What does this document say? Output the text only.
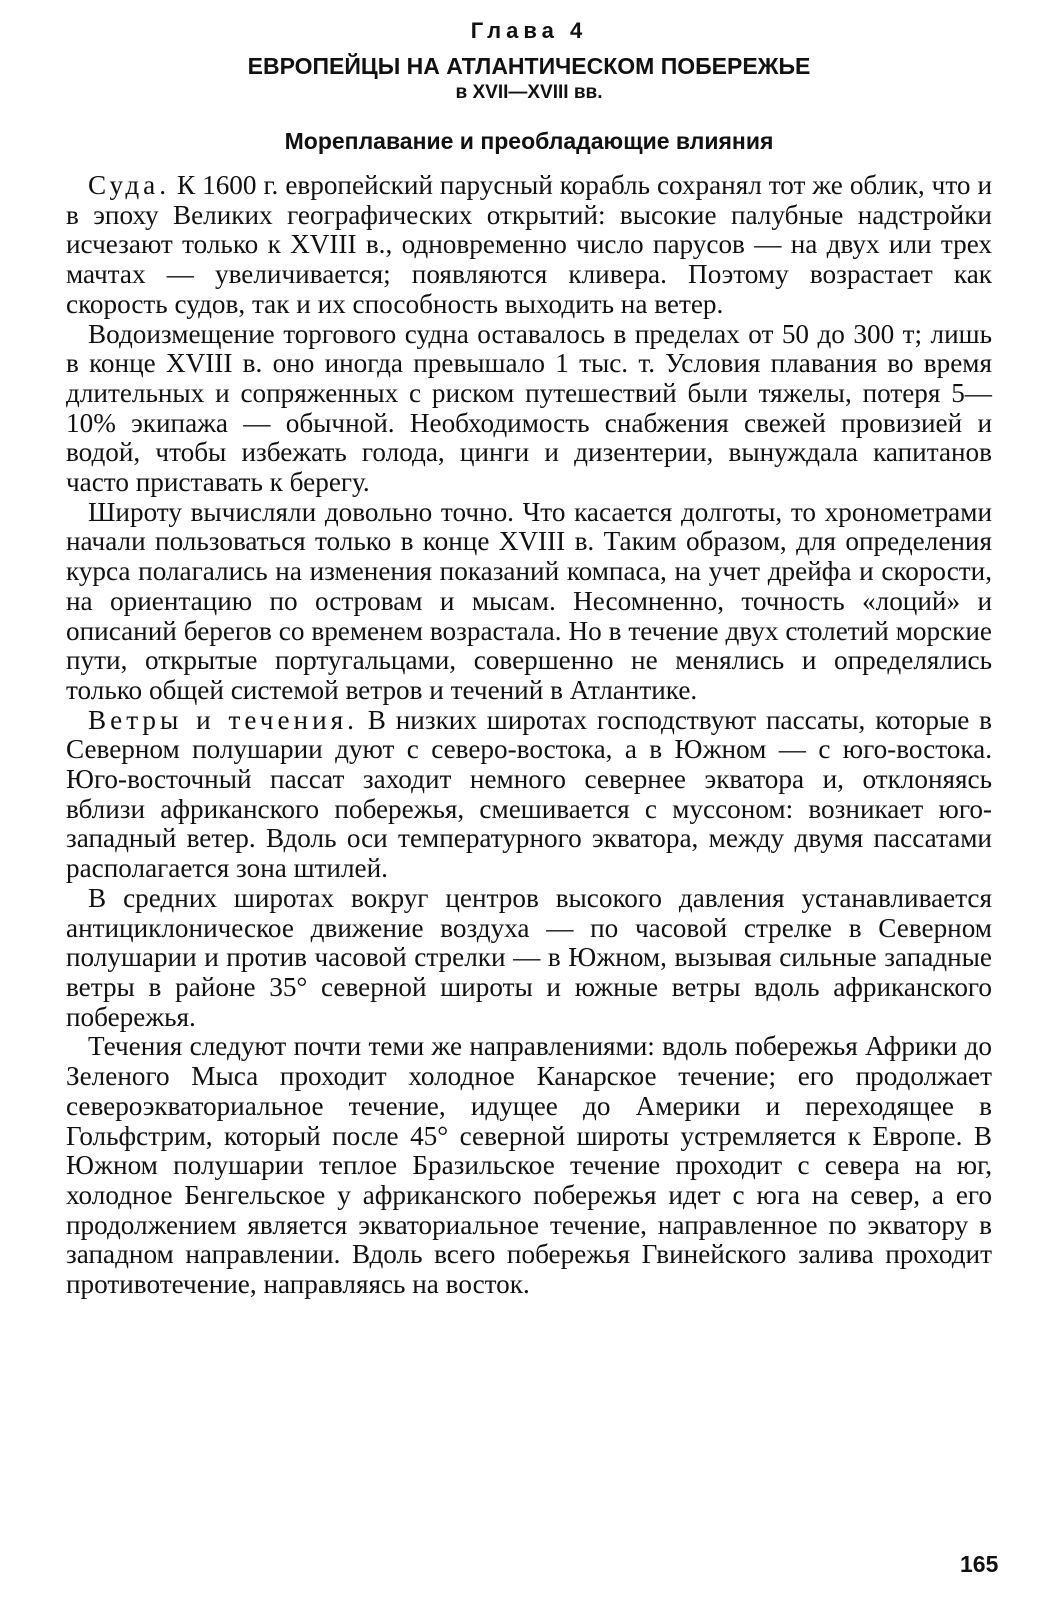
Глава 4
ЕВРОПЕЙЦЫ НА АТЛАНТИЧЕСКОМ ПОБЕРЕЖЬЕ
в XVII—XVIII вв.
Мореплавание и преобладающие влияния

Суда. К 1600 г. европейский парусный корабль сохранял тот же облик, что и в эпоху Великих географических открытий: высокие палубные надстройки исчезают только к XVIII в., одновременно число парусов — на двух или трех мачтах — увеличивается; появляются кливера. Поэтому возрастает как скорость судов, так и их способность выходить на ветер.

Водоизмещение торгового судна оставалось в пределах от 50 до 300 т; лишь в конце XVIII в. оно иногда превышало 1 тыс. т. Условия плавания во время длительных и сопряженных с риском путешествий были тяжелы, потеря 5—10% экипажа — обычной. Необходимость снабжения свежей провизией и водой, чтобы избежать голода, цинги и дизентерии, вынуждала капитанов часто приставать к берегу.

Широту вычисляли довольно точно. Что касается долготы, то хронометрами начали пользоваться только в конце XVIII в. Таким образом, для определения курса полагались на изменения показаний компаса, на учет дрейфа и скорости, на ориентацию по островам и мысам. Несомненно, точность «лоций» и описаний берегов со временем возрастала. Но в течение двух столетий морские пути, открытые португальцами, совершенно не менялись и определялись только общей системой ветров и течений в Атлантике.

Ветры и течения. В низких широтах господствуют пассаты, которые в Северном полушарии дуют с северо-востока, а в Южном — с юго-востока. Юго-восточный пассат заходит немного севернее экватора и, отклоняясь вблизи африканского побережья, смешивается с муссоном: возникает юго-западный ветер. Вдоль оси температурного экватора, между двумя пассатами располагается зона штилей.

В средних широтах вокруг центров высокого давления устанавливается антициклоническое движение воздуха — по часовой стрелке в Северном полушарии и против часовой стрелки — в Южном, вызывая сильные западные ветры в районе 35° северной широты и южные ветры вдоль африканского побережья.

Течения следуют почти теми же направлениями: вдоль побережья Африки до Зеленого Мыса проходит холодное Канарское течение; его продолжает североэкваториальное течение, идущее до Америки и переходящее в Гольфстрим, который после 45° северной широты устремляется к Европе. В Южном полушарии теплое Бразильское течение проходит с севера на юг, холодное Бенгельское у африканского побережья идет с юга на север, а его продолжением является экваториальное течение, направленное по экватору в западном направлении. Вдоль всего побережья Гвинейского залива проходит противотечение, направляясь на восток.

165
